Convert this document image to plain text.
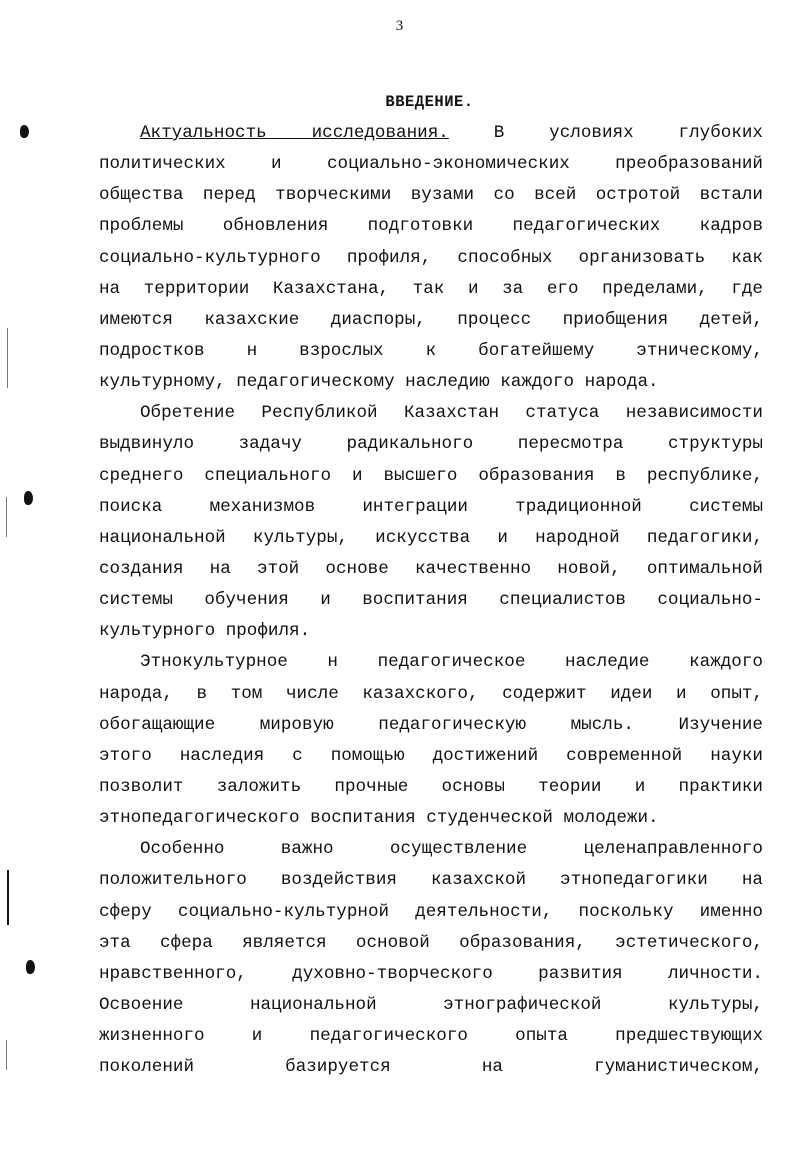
3
ВВЕДЕНИЕ.
Актуальность исследования. В условиях глубоких
политических и социально-экономических преобразований
общества перед творческими вузами со всей остротой встали
проблемы обновления подготовки педагогических кадров
социально-культурного профиля, способных организовать как
на территории Казахстана, так и за его пределами, где
имеются казахские диаспоры, процесс приобщения детей,
подростков н взрослых к богатейшему этническому,
культурному, педагогическому наследию каждого народа.
Обретение Республикой Казахстан статуса независимости
выдвинуло задачу радикального пересмотра структуры
среднего специального и высшего образования в республике,
поиска механизмов интеграции традиционной системы
национальной культуры, искусства и народной педагогики,
создания на этой основе качественно новой, оптимальной
системы обучения и воспитания специалистов социально-
культурного профиля.
Этнокультурное н педагогическое наследие каждого
народа, в том числе казахского, содержит идеи и опыт,
обогащающие мировую педагогическую мысль. Изучение
этого наследия с помощью достижений современной науки
позволит заложить прочные основы теории и практики
этнопедагогического воспитания студенческой молодежи.
Особенно важно осуществление целенаправленного
положительного воздействия казахской этнопедагогики на
сферу социально-культурной деятельности, поскольку именно
эта сфера является основой образования, эстетического,
нравственного, духовно-творческого развития личности.
Освоение национальной этнографической культуры,
жизненного и педагогического опыта предшествующих
поколений базируется на гуманистическом,
